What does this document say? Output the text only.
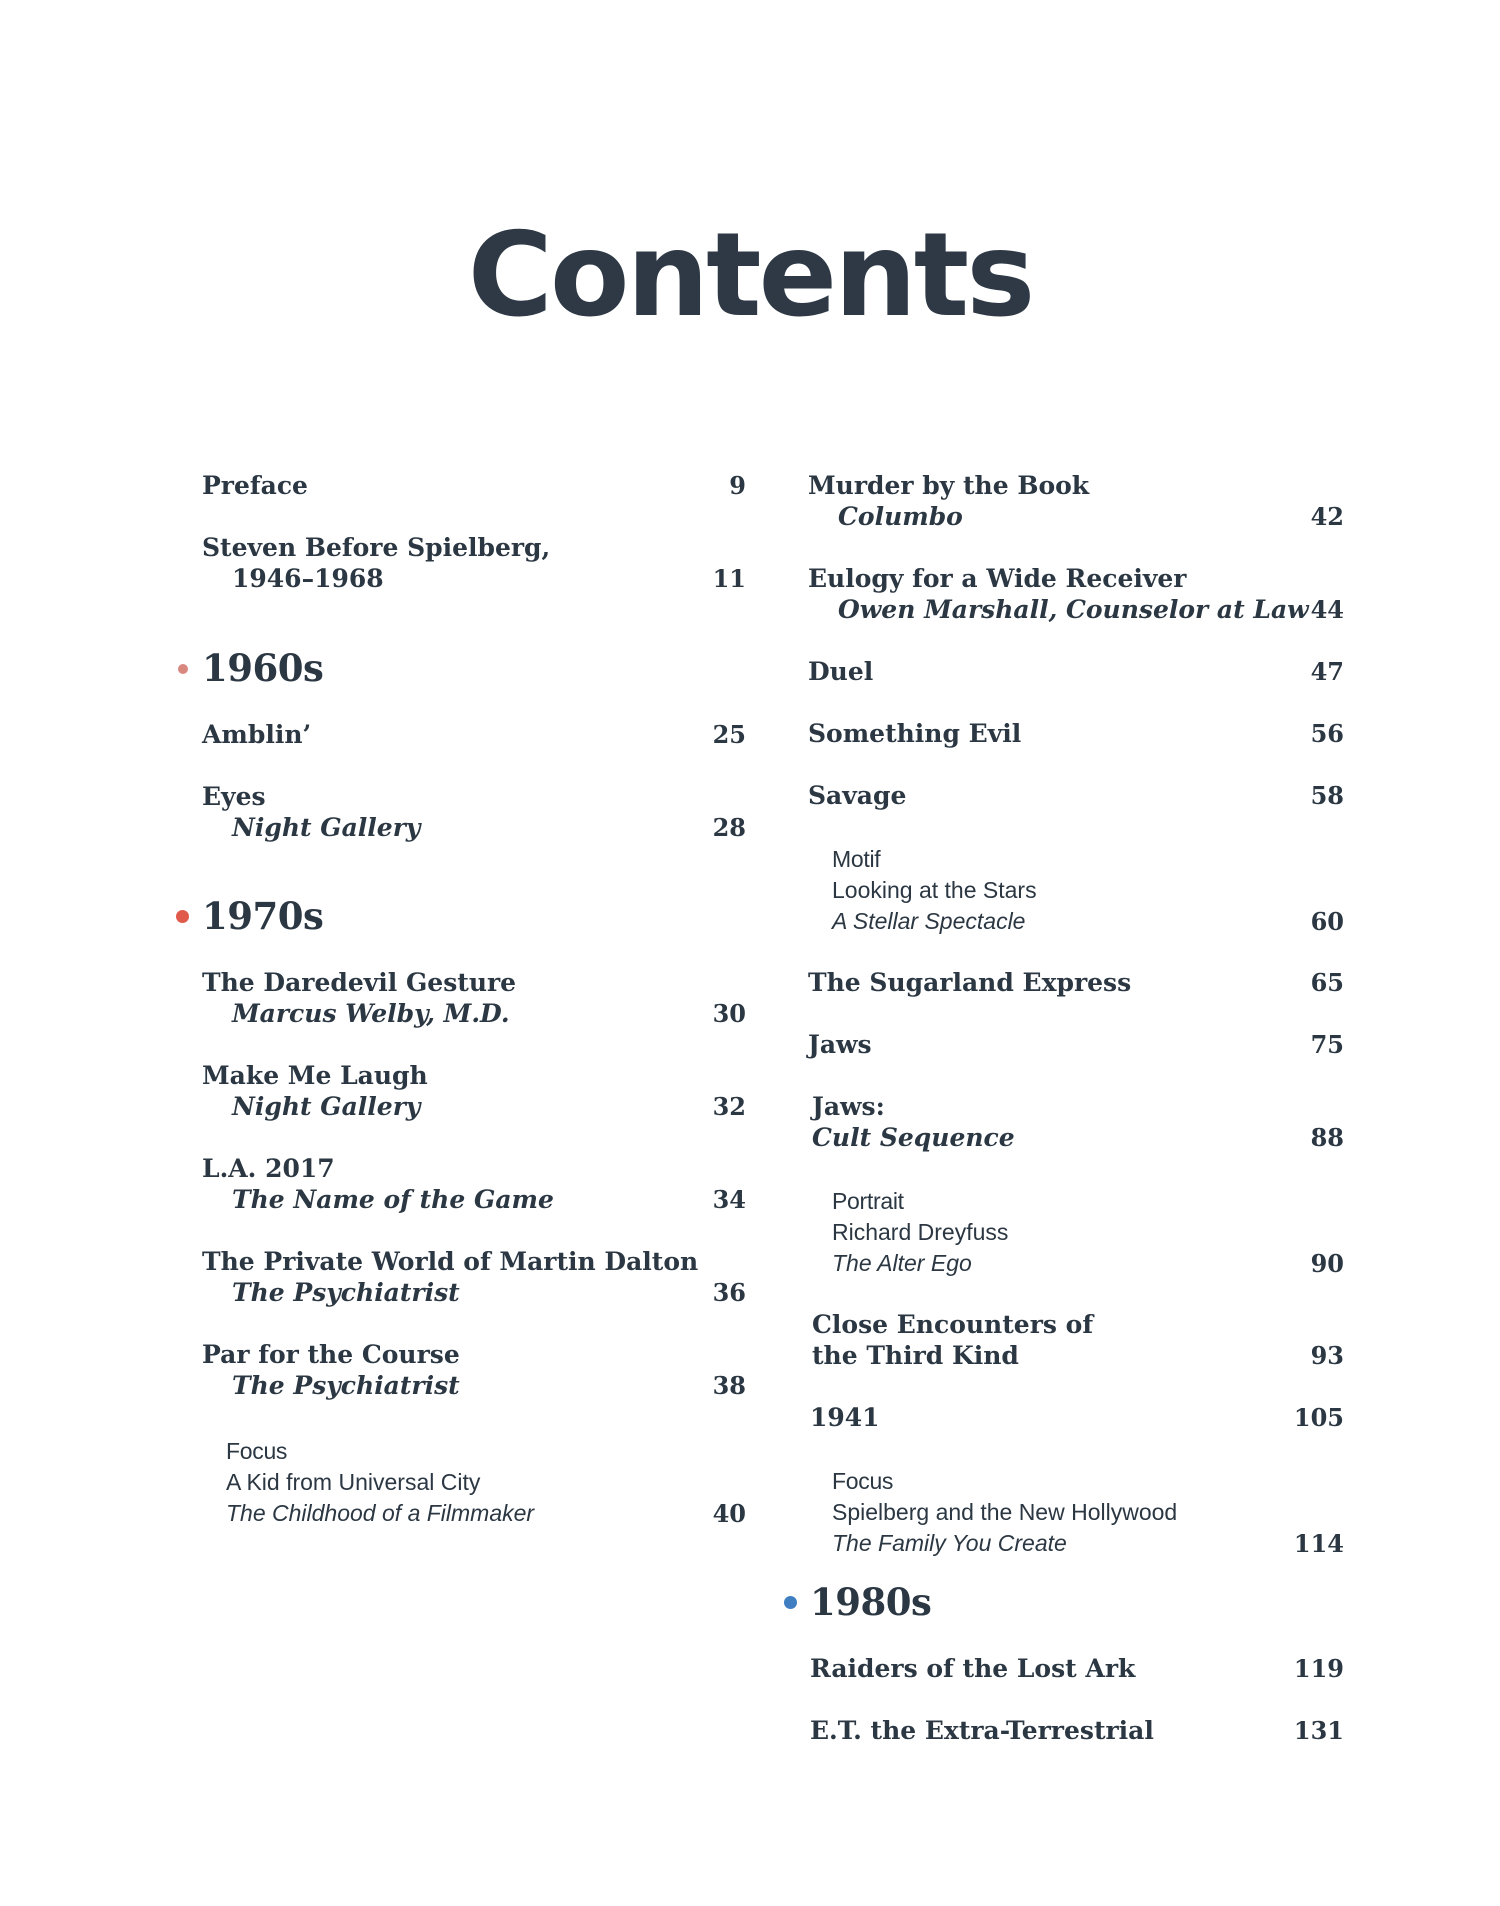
Contents
Preface	9
Steven Before Spielberg,
1946–1968	11
1960s
Amblin’	25
Eyes
Night Gallery	28
1970s
The Daredevil Gesture
Marcus Welby, M.D.	30
Make Me Laugh
Night Gallery	32
L.A. 2017
The Name of the Game	34
The Private World of Martin Dalton
The Psychiatrist	36
Par for the Course
The Psychiatrist	38
Focus
A Kid from Universal City
The Childhood of a Filmmaker	40
Murder by the Book
Columbo	42
Eulogy for a Wide Receiver
Owen Marshall, Counselor at Law 44
Duel	47
Something Evil	56
Savage	58
Motif
Looking at the Stars
A Stellar Spectacle	60
The Sugarland Express	65
Jaws	75
Jaws:
Cult Sequence	88
Portrait
Richard Dreyfuss
The Alter Ego	90
Close Encounters of
the Third Kind	93
1941	105
Focus
Spielberg and the New Hollywood
The Family You Create	114
1980s
Raiders of the Lost Ark	119
E.T. the Extra-Terrestrial	131
